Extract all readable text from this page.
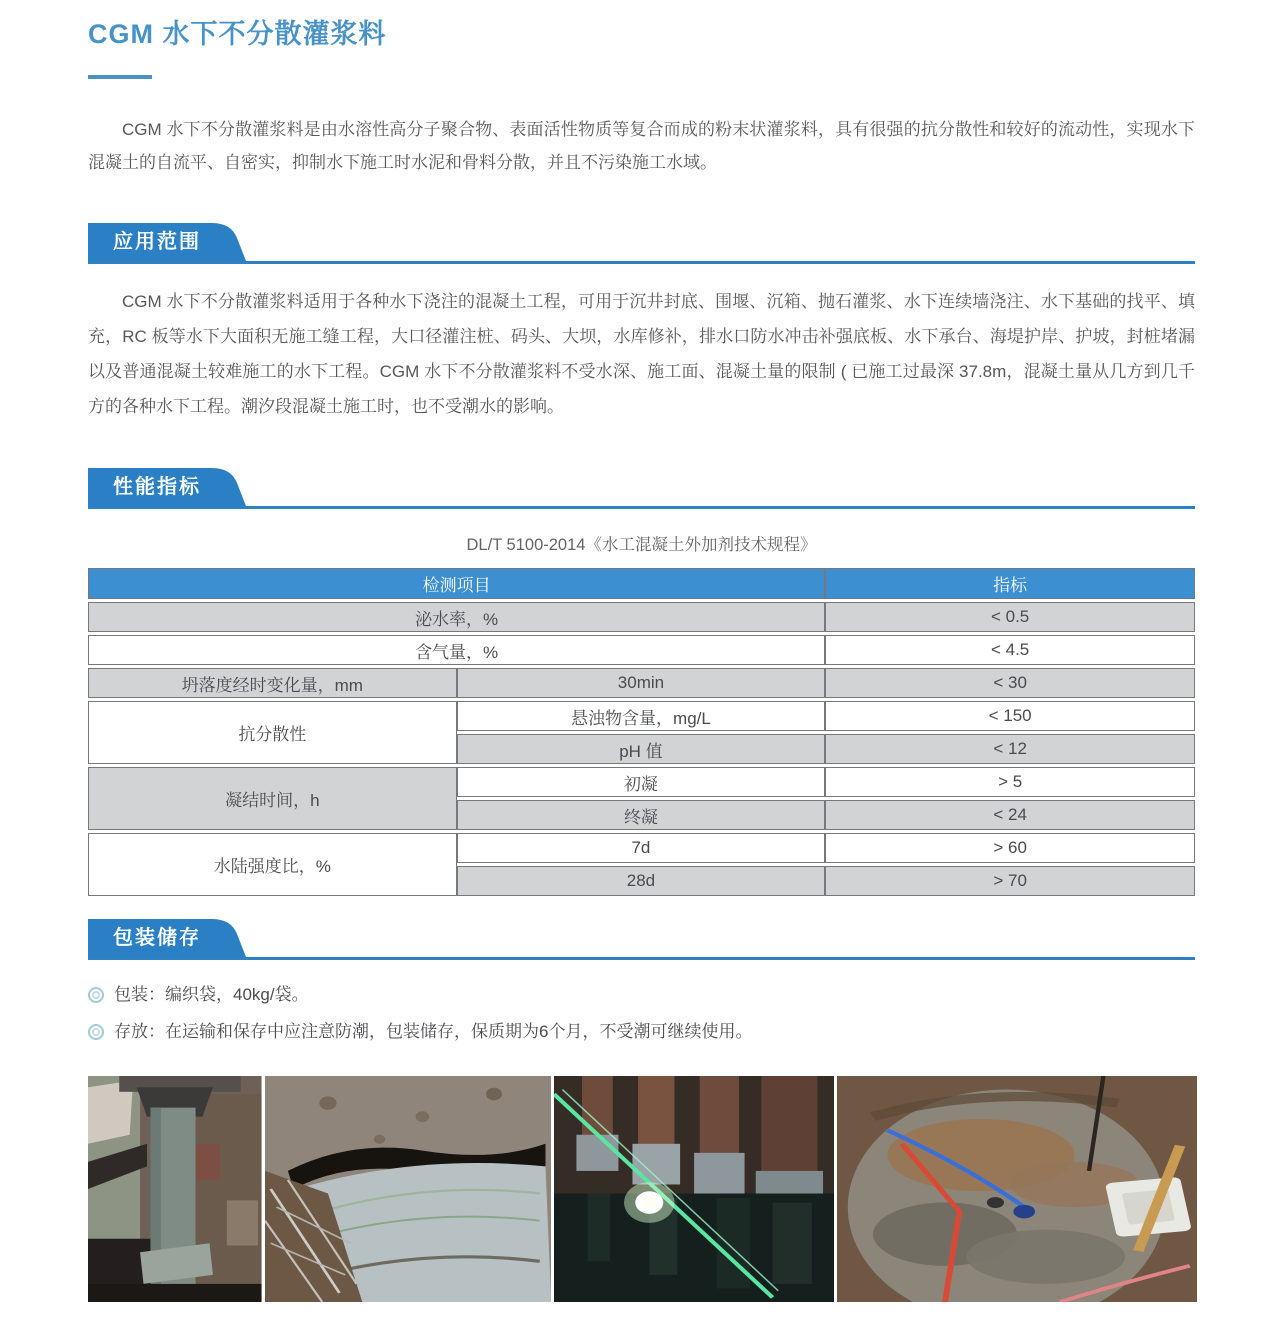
CGM 水下不分散灌浆料

CGM 水下不分散灌浆料是由水溶性高分子聚合物、表面活性物质等复合而成的粉末状灌浆料，具有很强的抗分散性和较好的流动性，实现水下混凝土的自流平、自密实，抑制水下施工时水泥和骨料分散，并且不污染施工水域。

应用范围

CGM 水下不分散灌浆料适用于各种水下浇注的混凝土工程，可用于沉井封底、围堰、沉箱、抛石灌浆、水下连续墙浇注、水下基础的找平、填充，RC 板等水下大面积无施工缝工程，大口径灌注桩、码头、大坝，水库修补，排水口防水冲击补强底板、水下承台、海堤护岸、护坡，封桩堵漏以及普通混凝土较难施工的水下工程。CGM 水下不分散灌浆料不受水深、施工面、混凝土量的限制 ( 已施工过最深 37.8m，混凝土量从几方到几千方的各种水下工程。潮汐段混凝土施工时，也不受潮水的影响。

性能指标

DL/T 5100-2014《水工混凝土外加剂技术规程》

检测项目		指标
泌水率，%		< 0.5
含气量，%		< 4.5
坍落度经时变化量，mm	30min	< 30
抗分散性	悬浊物含量，mg/L	< 150
	pH 值	< 12
凝结时间，h	初凝	> 5
	终凝	< 24
水陆强度比，%	7d	> 60
	28d	> 70
包装储存
包装：编织袋，40kg/袋。
存放：在运输和保存中应注意防潮，包装储存，保质期为6个月，不受潮可继续使用。
